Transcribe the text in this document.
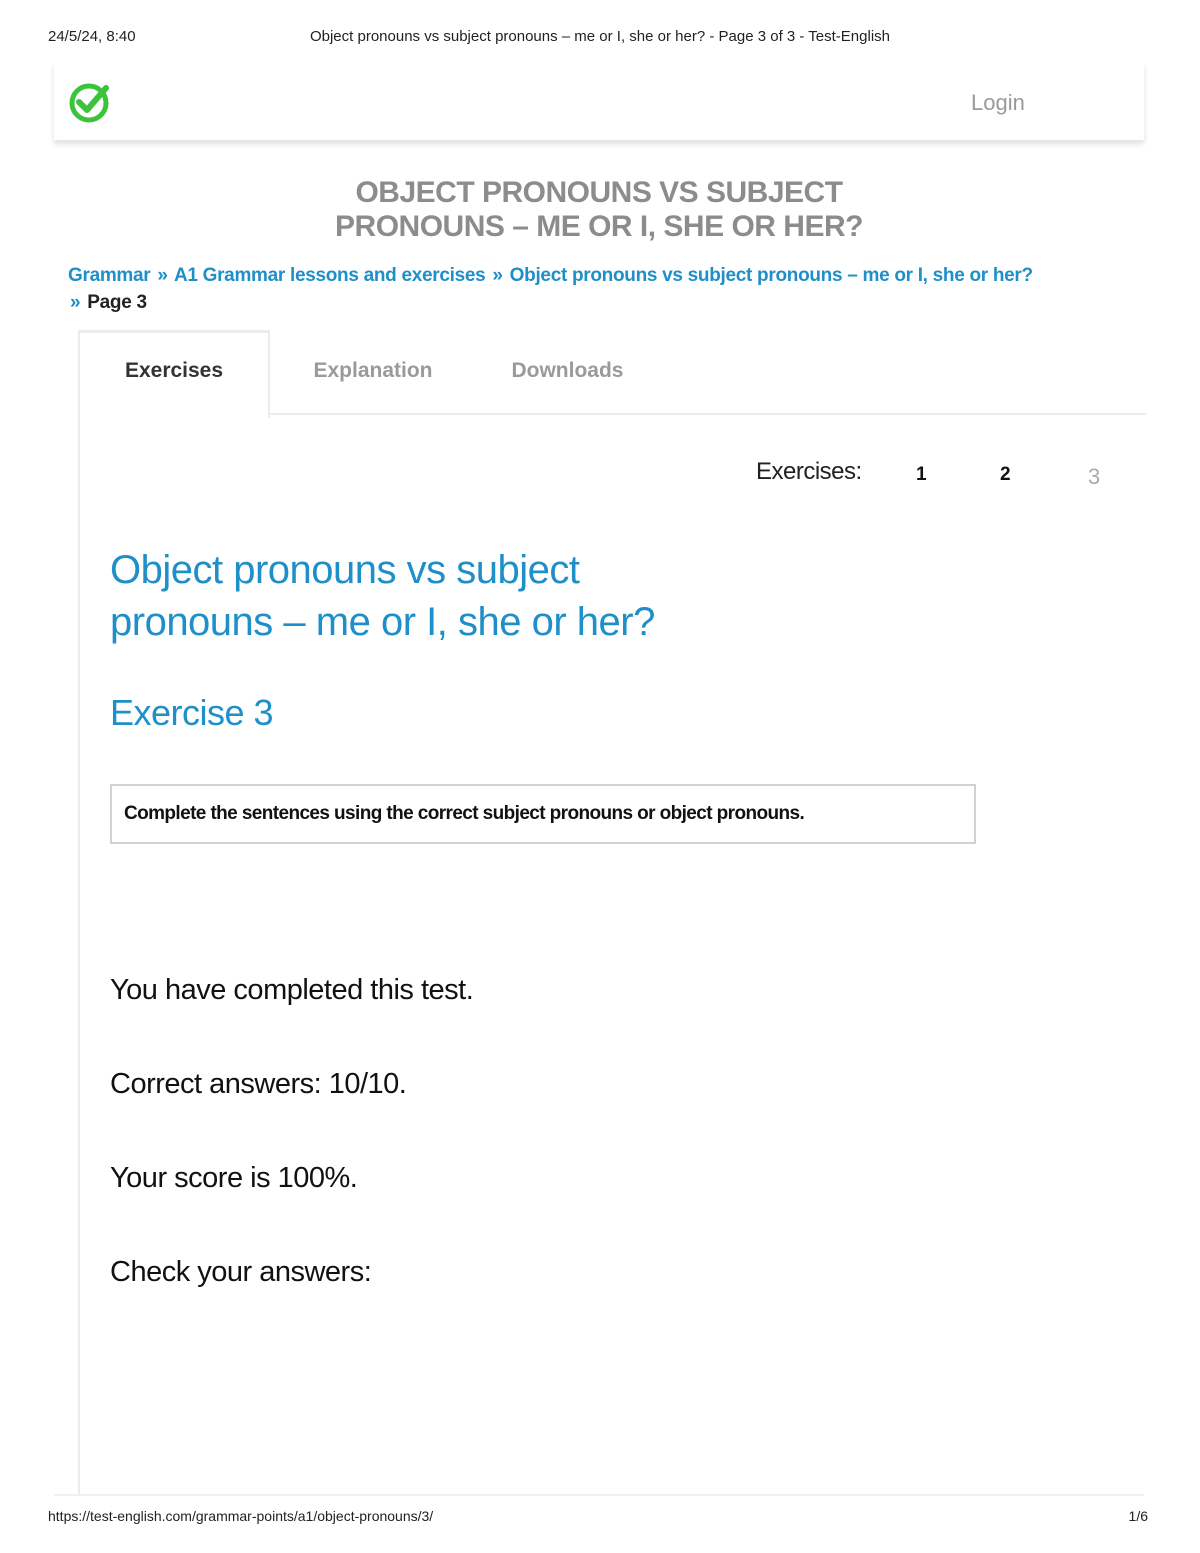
24/5/24, 8:40	Object pronouns vs subject pronouns – me or I, she or her? - Page 3 of 3 - Test-English
Login
OBJECT PRONOUNS VS SUBJECT
PRONOUNS – ME OR I, SHE OR HER?
Grammar » A1 Grammar lessons and exercises » Object pronouns vs subject pronouns – me or I, she or her?
» Page 3
Exercises	Explanation	Downloads
Exercises:	1	2	3
Object pronouns vs subject
pronouns – me or I, she or her?
Exercise 3
Complete the sentences using the correct subject pronouns or object pronouns.
You have completed this test.
Correct answers: 10/10.
Your score is 100%.
Check your answers:
https://test-english.com/grammar-points/a1/object-pronouns/3/	1/6
